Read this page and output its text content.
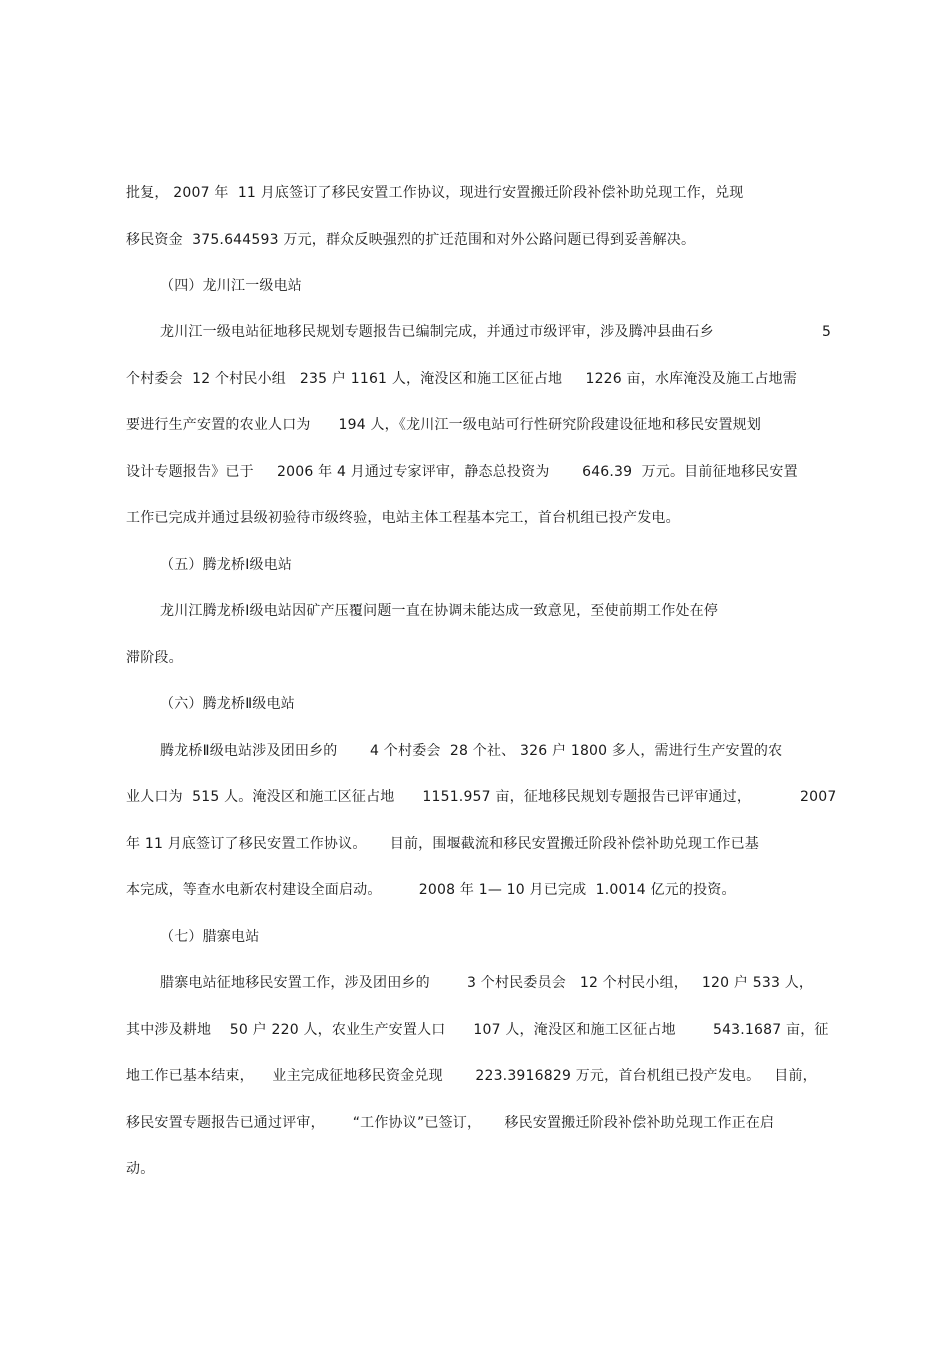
批复， 2007 年  11 月底签订了移民安置工作协议，现进行安置搬迁阶段补偿补助兑现工作，兑现
移民资金  375.644593 万元，群众反映强烈的扩迁范围和对外公路问题已得到妥善解决。
（四）龙川江一级电站
龙川江一级电站征地移民规划专题报告已编制完成，并通过市级评审，涉及腾冲县曲石乡	5
个村委会  12 个村民小组   235 户 1161 人，淹没区和施工区征占地     1226 亩，水库淹没及施工占地需
要进行生产安置的农业人口为      194 人，《龙川江一级电站可行性研究阶段建设征地和移民安置规划
设计专题报告》已于     2006 年 4 月通过专家评审，静态总投资为       646.39  万元。目前征地移民安置
工作已完成并通过县级初验待市级终验，电站主体工程基本完工，首台机组已投产发电。
（五）腾龙桥Ⅰ级电站
龙川江腾龙桥Ⅰ级电站因矿产压覆问题一直在协调未能达成一致意见，至使前期工作处在停
滞阶段。
（六）腾龙桥Ⅱ级电站
腾龙桥Ⅱ级电站涉及团田乡的       4 个村委会  28 个社、 326 户 1800 多人，需进行生产安置的农
业人口为  515 人。淹没区和施工区征占地      1151.957 亩，征地移民规划专题报告已评审通过，	2007
年 11 月底签订了移民安置工作协议。     目前，围堰截流和移民安置搬迁阶段补偿补助兑现工作已基
本完成，等查水电新农村建设全面启动。        2008 年 1— 10 月已完成  1.0014 亿元的投资。
（七）腊寨电站
腊寨电站征地移民安置工作，涉及团田乡的        3 个村民委员会   12 个村民小组，   120 户 533 人，
其中涉及耕地    50 户 220 人，农业生产安置人口      107 人，淹没区和施工区征占地        543.1687 亩，征
地工作已基本结束，    业主完成征地移民资金兑现       223.3916829 万元，首台机组已投产发电。   目前，
移民安置专题报告已通过评审，      “工作协议”已签订，     移民安置搬迁阶段补偿补助兑现工作正在启
动。
